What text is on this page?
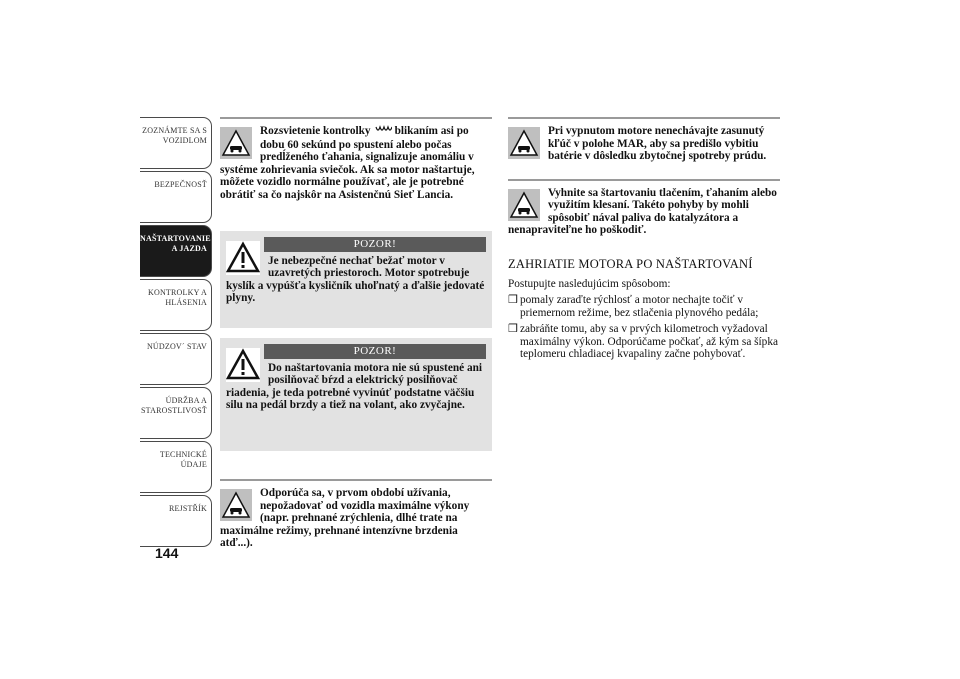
ZOZNÁMTE SA S
VOZIDLOM
BEZPEČNOSŤ
NAŠTARTOVANIE
A JAZDA
KONTROLKY A
HLÁSENIA
NÚDZOV´ STAV
ÚDRŽBA A
STAROSTLIVOSŤ
TECHNICKÉ
ÚDAJE
REJSTŘÍK
144
Rozsvietenie kontrolky blikaním asi po dobu 60 sekúnd po spustení alebo počas predĺženého ťahania, signalizuje anomáliu v systéme zohrievania sviečok. Ak sa motor naštartuje, môžete vozidlo normálne používať, ale je potrebné obrátiť sa čo najskôr na Asistenčnú Sieť Lancia.
POZOR!
Je nebezpečné nechať bežať motor v uzavretých priestoroch. Motor spotrebuje kyslík a vypúšťa kysličník uhoľnatý a ďalšie jedovaté plyny.
POZOR!
Do naštartovania motora nie sú spustené ani posilňovač bŕzd a elektrický posilňovač riadenia, je teda potrebné vyvinúť podstatne väčšiu silu na pedál brzdy a tiež na volant, ako zvyčajne.
Odporúča sa, v prvom období užívania, nepožadovať od vozidla maximálne výkony (napr. prehnané zrýchlenia, dlhé trate na maximálne režimy, prehnané intenzívne brzdenia atď...).
Pri vypnutom motore nenechávajte zasunutý kľúč v polohe MAR, aby sa predišlo vybitiu batérie v dôsledku zbytočnej spotreby prúdu.
Vyhnite sa štartovaniu tlačením, ťahaním alebo využitím klesaní. Takéto pohyby by mohli spôsobiť nával paliva do katalyzátora a nenapraviteľne ho poškodiť.
ZAHRIATIE MOTORA PO NAŠTARTOVANÍ
Postupujte nasledujúcim spôsobom:
❒ pomaly zaraďte rýchlosť a motor nechajte točiť v priemernom režime, bez stlačenia plynového pedála;
❒ zabráňte tomu, aby sa v prvých kilometroch vyžadoval maximálny výkon. Odporúčame počkať, až kým sa šípka teplomeru chladiacej kvapaliny začne pohybovať.
